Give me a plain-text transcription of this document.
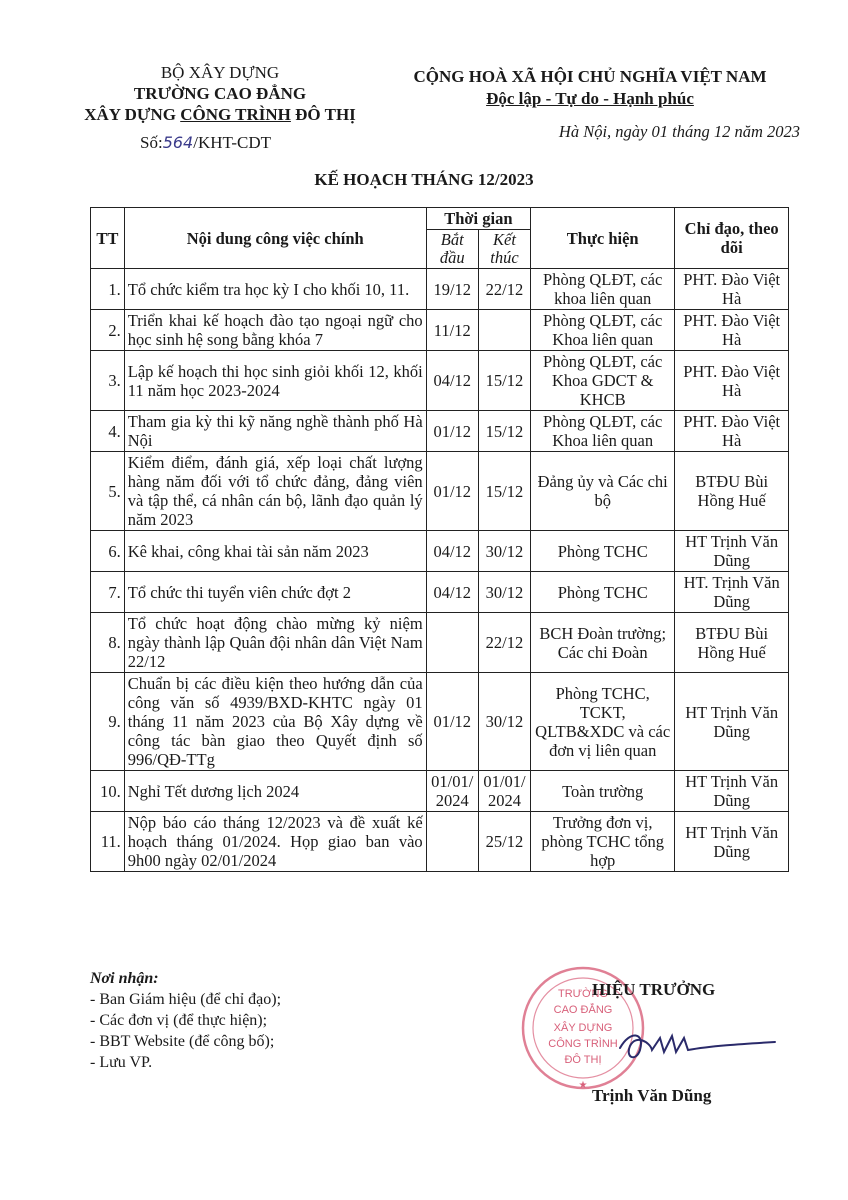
BỘ XÂY DỰNG
TRƯỜNG CAO ĐẲNG
XÂY DỰNG CÔNG TRÌNH ĐÔ THỊ
Số:564/KHT-CDT
CỘNG HOÀ XÃ HỘI CHỦ NGHĨA VIỆT NAM
Độc lập - Tự do - Hạnh phúc
Hà Nội, ngày 01 tháng 12 năm 2023
KẾ HOẠCH THÁNG 12/2023
TT	Nội dung công việc chính	Thời gian		Thực hiện	Chỉ đạo, theo dõi
		Bắt đầu	Kết thúc		
1.	Tổ chức kiểm tra học kỳ I cho khối 10, 11.	19/12	22/12	Phòng QLĐT, các khoa liên quan	PHT. Đào Việt Hà
2.	Triển khai kế hoạch đào tạo ngoại ngữ cho học sinh hệ song bằng khóa 7	11/12		Phòng QLĐT, các Khoa liên quan	PHT. Đào Việt Hà
3.	Lập kế hoạch thi học sinh giỏi khối 12, khối 11 năm học 2023-2024	04/12	15/12	Phòng QLĐT, các Khoa GDCT & KHCB	PHT. Đào Việt Hà
4.	Tham gia kỳ thi kỹ năng nghề thành phố Hà Nội	01/12	15/12	Phòng QLĐT, các Khoa liên quan	PHT. Đào Việt Hà
5.	Kiểm điểm, đánh giá, xếp loại chất lượng hàng năm đối với tổ chức đảng, đảng viên và tập thể, cá nhân cán bộ, lãnh đạo quản lý năm 2023	01/12	15/12	Đảng ủy và Các chi bộ	BTĐU Bùi Hồng Huế
6.	Kê khai, công khai tài sản năm 2023	04/12	30/12	Phòng TCHC	HT Trịnh Văn Dũng
7.	Tổ chức thi tuyển viên chức đợt 2	04/12	30/12	Phòng TCHC	HT. Trịnh Văn Dũng
8.	Tổ chức hoạt động chào mừng kỷ niệm ngày thành lập Quân đội nhân dân Việt Nam 22/12		22/12	BCH Đoàn trường; Các chi Đoàn	BTĐU Bùi Hồng Huế
9.	Chuẩn bị các điều kiện theo hướng dẫn của công văn số 4939/BXD-KHTC ngày 01 tháng 11 năm 2023 của Bộ Xây dựng về công tác bàn giao theo Quyết định số 996/QĐ-TTg	01/12	30/12	Phòng TCHC, TCKT, QLTB&XDC và các đơn vị liên quan	HT Trịnh Văn Dũng
10.	Nghỉ Tết dương lịch 2024	01/01/ 2024	01/01/ 2024	Toàn trường	HT Trịnh Văn Dũng
11.	Nộp báo cáo tháng 12/2023 và đề xuất kế hoạch tháng 01/2024. Họp giao ban vào 9h00 ngày 02/01/2024		25/12	Trưởng đơn vị, phòng TCHC tổng hợp	HT Trịnh Văn Dũng
Nơi nhận:
- Ban Giám hiệu (để chỉ đạo);
- Các đơn vị (để thực hiện);
- BBT Website (để công bố);
- Lưu VP.
★
TRƯỜNG
CAO ĐẲNG
XÂY DỰNG
CÔNG TRÌNH
ĐÔ THỊ
HIỆU TRƯỞNG
Trịnh Văn Dũng
